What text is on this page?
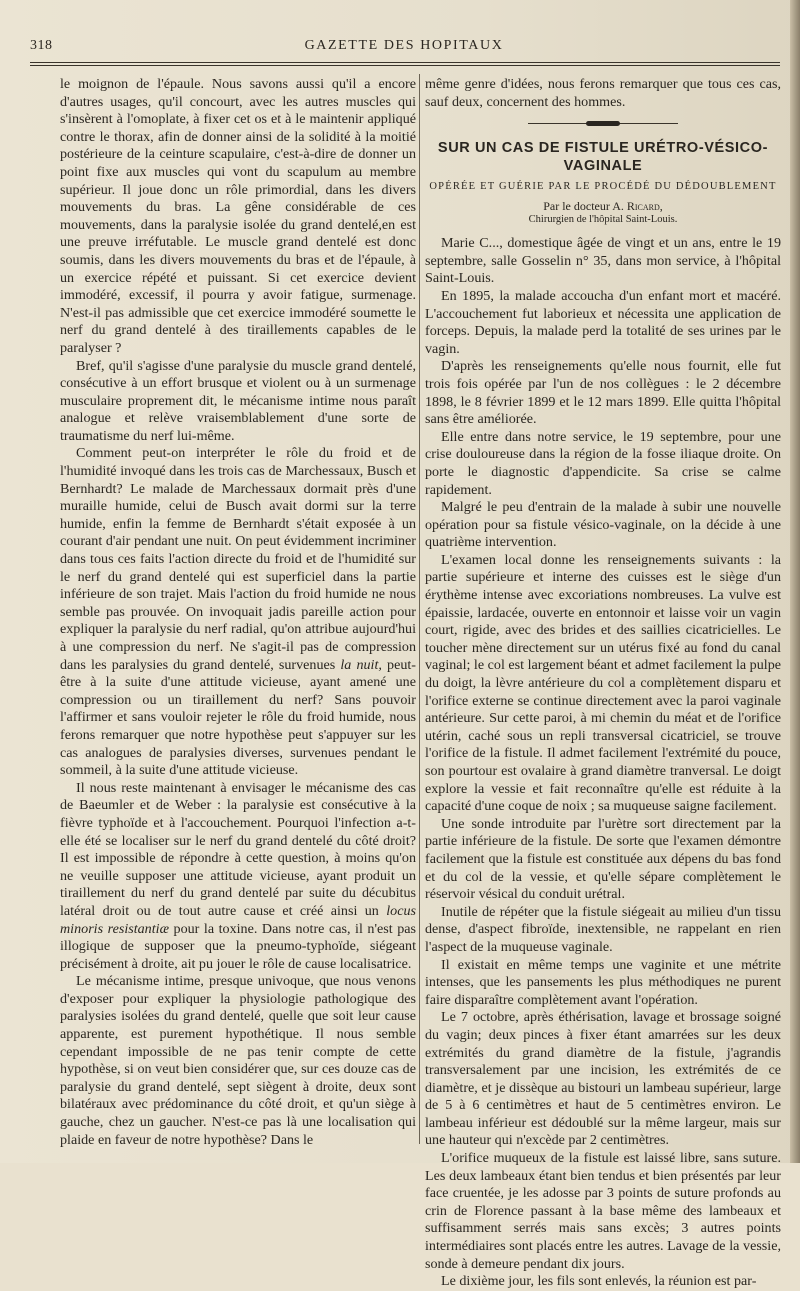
318	GAZETTE DES HOPITAUX

le moignon de l'épaule. Nous savons aussi qu'il a encore d'autres usages, qu'il concourt, avec les autres muscles qui s'insèrent à l'omoplate, à fixer cet os et à le maintenir appliqué contre le thorax, afin de donner ainsi de la solidité à la moitié postérieure de la ceinture scapulaire, c'est-à-dire de donner un point fixe aux muscles qui vont du scapulum au membre supérieur. Il joue donc un rôle primordial, dans les divers mouvements du bras. La gêne considérable de ces mouvements, dans la paralysie isolée du grand dentelé,en est une preuve irréfutable. Le muscle grand dentelé est donc soumis, dans les divers mouvements du bras et de l'épaule, à un exercice répété et puissant. Si cet exercice devient immodéré, excessif, il pourra y avoir fatigue, surmenage. N'est-il pas admissible que cet exercice immodéré soumette le nerf du grand dentelé à des tiraillements capables de le paralyser ?

Bref, qu'il s'agisse d'une paralysie du muscle grand dentelé, consécutive à un effort brusque et violent ou à un surmenage musculaire proprement dit, le mécanisme intime nous paraît analogue et relève vraisemblablement d'une sorte de traumatisme du nerf lui-même.

Comment peut-on interpréter le rôle du froid et de l'humidité invoqué dans les trois cas de Marchessaux, Busch et Bernhardt? Le malade de Marchessaux dormait près d'une muraille humide, celui de Busch avait dormi sur la terre humide, enfin la femme de Bernhardt s'était exposée à un courant d'air pendant une nuit. On peut évidemment incriminer dans tous ces faits l'action directe du froid et de l'humidité sur le nerf du grand dentelé qui est superficiel dans la partie inférieure de son trajet. Mais l'action du froid humide ne nous semble pas prouvée. On invoquait jadis pareille action pour expliquer la paralysie du nerf radial, qu'on attribue aujourd'hui à une compression du nerf. Ne s'agit-il pas de compression dans les paralysies du grand dentelé, survenues la nuit, peut-être à la suite d'une attitude vicieuse, ayant amené une compression ou un tiraillement du nerf? Sans pouvoir l'affirmer et sans vouloir rejeter le rôle du froid humide, nous ferons remarquer que notre hypothèse peut s'appuyer sur les cas analogues de paralysies diverses, survenues pendant le sommeil, à la suite d'une attitude vicieuse.

Il nous reste maintenant à envisager le mécanisme des cas de Baeumler et de Weber : la paralysie est consécutive à la fièvre typhoïde et à l'accouchement. Pourquoi l'infection a-t-elle été se localiser sur le nerf du grand dentelé du côté droit? Il est impossible de répondre à cette question, à moins qu'on ne veuille supposer une attitude vicieuse, ayant produit un tiraillement du nerf du grand dentelé par suite du décubitus latéral droit ou de tout autre cause et créé ainsi un locus minoris resistantiæ pour la toxine. Dans notre cas, il n'est pas illogique de supposer que la pneumo-typhoïde, siégeant précisément à droite, ait pu jouer le rôle de cause localisatrice.

Le mécanisme intime, presque univoque, que nous venons d'exposer pour expliquer la physiologie pathologique des paralysies isolées du grand dentelé, quelle que soit leur cause apparente, est purement hypothétique. Il nous semble cependant impossible de ne pas tenir compte de cette hypothèse, si on veut bien considérer que, sur ces douze cas de paralysie du grand dentelé, sept siègent à droite, deux sont bilatéraux avec prédominance du côté droit, et qu'un siège à gauche, chez un gaucher. N'est-ce pas là une localisation qui plaide en faveur de notre hypothèse? Dans le

même genre d'idées, nous ferons remarquer que tous ces cas, sauf deux, concernent des hommes.

SUR UN CAS DE FISTULE URÉTRO-VÉSICO-VAGINALE
OPÉRÉE ET GUÉRIE PAR LE PROCÉDÉ DU DÉDOUBLEMENT
Par le docteur A. Ricard,
Chirurgien de l'hôpital Saint-Louis.

Marie C..., domestique âgée de vingt et un ans, entre le 19 septembre, salle Gosselin n° 35, dans mon service, à l'hôpital Saint-Louis.

En 1895, la malade accoucha d'un enfant mort et macéré. L'accouchement fut laborieux et nécessita une application de forceps. Depuis, la malade perd la totalité de ses urines par le vagin.

D'après les renseignements qu'elle nous fournit, elle fut trois fois opérée par l'un de nos collègues : le 2 décembre 1898, le 8 février 1899 et le 12 mars 1899. Elle quitta l'hôpital sans être améliorée.

Elle entre dans notre service, le 19 septembre, pour une crise douloureuse dans la région de la fosse iliaque droite. On porte le diagnostic d'appendicite. Sa crise se calme rapidement.

Malgré le peu d'entrain de la malade à subir une nouvelle opération pour sa fistule vésico-vaginale, on la décide à une quatrième intervention.

L'examen local donne les renseignements suivants : la partie supérieure et interne des cuisses est le siège d'un érythème intense avec excoriations nombreuses. La vulve est épaissie, lardacée, ouverte en entonnoir et laisse voir un vagin court, rigide, avec des brides et des saillies cicatricielles. Le toucher mène directement sur un utérus fixé au fond du canal vaginal; le col est largement béant et admet facilement la pulpe du doigt, la lèvre antérieure du col a complètement disparu et l'orifice externe se continue directement avec la paroi vaginale antérieure. Sur cette paroi, à mi chemin du méat et de l'orifice utérin, caché sous un repli transversal cicatriciel, se trouve l'orifice de la fistule. Il admet facilement l'extrémité du pouce, son pourtour est ovalaire à grand diamètre tranversal. Le doigt explore la vessie et fait reconnaître qu'elle est réduite à la capacité d'une coque de noix ; sa muqueuse saigne facilement.

Une sonde introduite par l'urètre sort directement par la partie inférieure de la fistule. De sorte que l'examen démontre facilement que la fistule est constituée aux dépens du bas fond et du col de la vessie, et qu'elle sépare complètement le réservoir vésical du conduit urétral.

Inutile de répéter que la fistule siégeait au milieu d'un tissu dense, d'aspect fibroïde, inextensible, ne rappelant en rien l'aspect de la muqueuse vaginale.

Il existait en même temps une vaginite et une métrite intenses, que les pansements les plus méthodiques ne purent faire disparaître complètement avant l'opération.

Le 7 octobre, après éthérisation, lavage et brossage soigné du vagin; deux pinces à fixer étant amarrées sur les deux extrémités du grand diamètre de la fistule, j'agrandis transversalement par une incision, les extrémités de ce diamètre, et je dissèque au bistouri un lambeau supérieur, large de 5 à 6 centimètres et haut de 5 centimètres environ. Le lambeau inférieur est dédoublé sur la même largeur, mais sur une hauteur qui n'excède par 2 centimètres.

L'orifice muqueux de la fistule est laissé libre, sans suture. Les deux lambeaux étant bien tendus et bien présentés par leur face cruentée, je les adosse par 3 points de suture profonds au crin de Florence passant à la base même des lambeaux et suffisamment serrés mais sans excès; 3 autres points intermédiaires sont placés entre les autres. Lavage de la vessie, sonde à demeure pendant dix jours.

Le dixième jour, les fils sont enlevés, la réunion est par-
